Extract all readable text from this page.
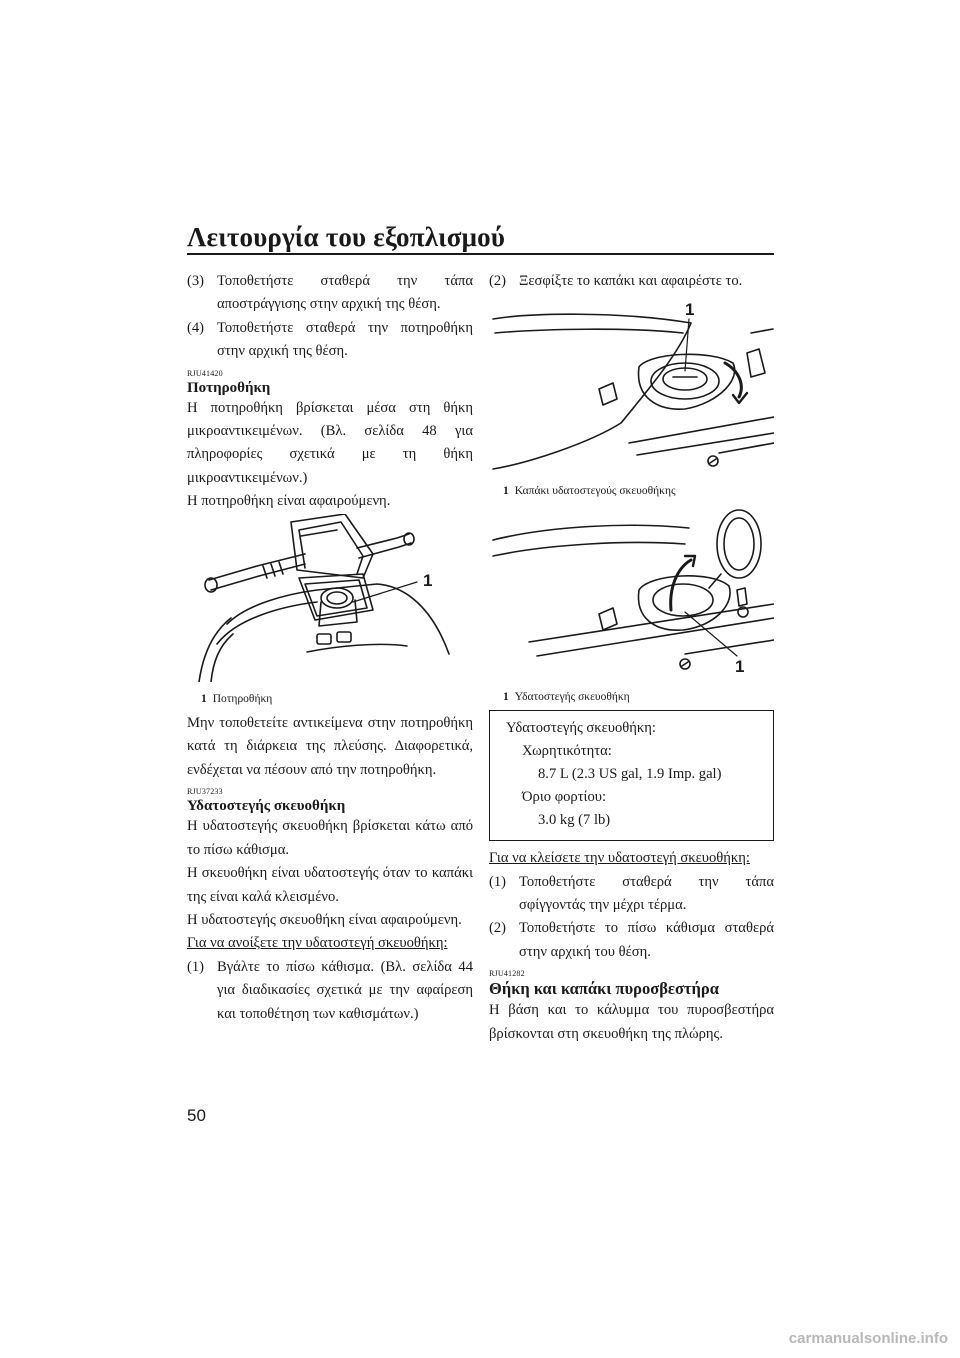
Λειτουργία του εξοπλισμού

(3) Τοποθετήστε σταθερά την τάπα αποστράγγισης στην αρχική της θέση.

(4) Τοποθετήστε σταθερά την ποτηροθήκη στην αρχική της θέση.

RJU41420
Ποτηροθήκη

Η ποτηροθήκη βρίσκεται μέσα στη θήκη μικροαντικειμένων. (Βλ. σελίδα 48 για πληροφορίες σχετικά με τη θήκη μικροαντικειμένων.)

Η ποτηροθήκη είναι αφαιρούμενη.

1
1 Ποτηροθήκη

Μην τοποθετείτε αντικείμενα στην ποτηροθήκη κατά τη διάρκεια της πλεύσης. Διαφορετικά, ενδέχεται να πέσουν από την ποτηροθήκη.

RJU37233
Υδατοστεγής σκευοθήκη

Η υδατοστεγής σκευοθήκη βρίσκεται κάτω από το πίσω κάθισμα.

Η σκευοθήκη είναι υδατοστεγής όταν το καπάκι της είναι καλά κλεισμένο.

Η υδατοστεγής σκευοθήκη είναι αφαιρούμενη.

Για να ανοίξετε την υδατοστεγή σκευοθήκη:

(1) Βγάλτε το πίσω κάθισμα. (Βλ. σελίδα 44 για διαδικασίες σχετικά με την αφαίρεση και τοποθέτηση των καθισμάτων.)

(2) Ξεσφίξτε το καπάκι και αφαιρέστε το.

1
1 Καπάκι υδατοστεγούς σκευοθήκης
1
1 Υδατοστεγής σκευοθήκη
Υδατοστεγής σκευοθήκη:
Χωρητικότητα:
8.7 L (2.3 US gal, 1.9 Imp. gal)
Όριο φορτίου:
3.0 kg (7 lb)

Για να κλείσετε την υδατοστεγή σκευοθήκη:

(1) Τοποθετήστε σταθερά την τάπα σφίγγοντάς την μέχρι τέρμα.

(2) Τοποθετήστε το πίσω κάθισμα σταθερά στην αρχική του θέση.

RJU41282
Θήκη και καπάκι πυροσβεστήρα

Η βάση και το κάλυμμα του πυροσβεστήρα βρίσκονται στη σκευοθήκη της πλώρης.

50
carmanualsonline.info
